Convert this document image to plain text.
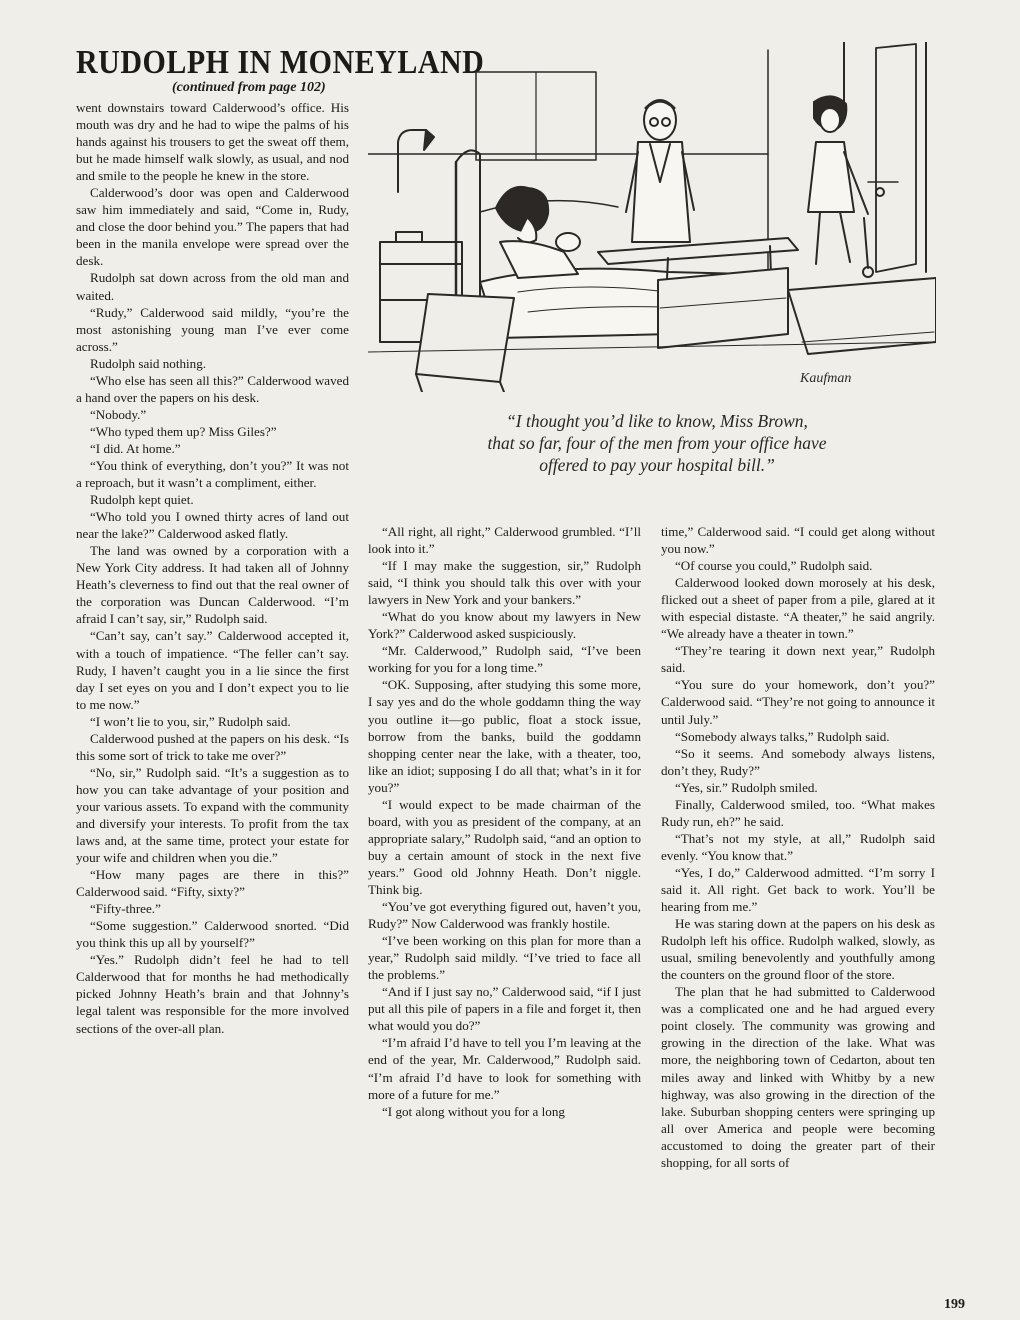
RUDOLPH IN MONEYLAND

(continued from page 102)

Kaufman

“I thought you’d like to know, Miss Brown,
that so far, four of the men from your office have
offered to pay your hospital bill.”

went downstairs toward Calderwood’s office. His mouth was dry and he had to wipe the palms of his hands against his trousers to get the sweat off them, but he made himself walk slowly, as usual, and nod and smile to the people he knew in the store.

Calderwood’s door was open and Calderwood saw him immediately and said, “Come in, Rudy, and close the door behind you.” The papers that had been in the manila envelope were spread over the desk.

Rudolph sat down across from the old man and waited.

“Rudy,” Calderwood said mildly, “you’re the most astonishing young man I’ve ever come across.”

Rudolph said nothing.

“Who else has seen all this?” Calderwood waved a hand over the papers on his desk.

“Nobody.”

“Who typed them up? Miss Giles?”

“I did. At home.”

“You think of everything, don’t you?” It was not a reproach, but it wasn’t a compliment, either.

Rudolph kept quiet.

“Who told you I owned thirty acres of land out near the lake?” Calderwood asked flatly.

The land was owned by a corporation with a New York City address. It had taken all of Johnny Heath’s cleverness to find out that the real owner of the corporation was Duncan Calderwood. “I’m afraid I can’t say, sir,” Rudolph said.

“Can’t say, can’t say.” Calderwood accepted it, with a touch of impatience. “The feller can’t say. Rudy, I haven’t caught you in a lie since the first day I set eyes on you and I don’t expect you to lie to me now.”

“I won’t lie to you, sir,” Rudolph said.

Calderwood pushed at the papers on his desk. “Is this some sort of trick to take me over?”

“No, sir,” Rudolph said. “It’s a suggestion as to how you can take advantage of your position and your various assets. To expand with the community and diversify your interests. To profit from the tax laws and, at the same time, protect your estate for your wife and children when you die.”

“How many pages are there in this?” Calderwood said. “Fifty, sixty?”

“Fifty-three.”

“Some suggestion.” Calderwood snorted. “Did you think this up all by yourself?”

“Yes.” Rudolph didn’t feel he had to tell Calderwood that for months he had methodically picked Johnny Heath’s brain and that Johnny’s legal talent was responsible for the more involved sections of the over-all plan.

“All right, all right,” Calderwood grumbled. “I’ll look into it.”

“If I may make the suggestion, sir,” Rudolph said, “I think you should talk this over with your lawyers in New York and your bankers.”

“What do you know about my lawyers in New York?” Calderwood asked suspiciously.

“Mr. Calderwood,” Rudolph said, “I’ve been working for you for a long time.”

“OK. Supposing, after studying this some more, I say yes and do the whole goddamn thing the way you outline it—go public, float a stock issue, borrow from the banks, build the goddamn shopping center near the lake, with a theater, too, like an idiot; supposing I do all that; what’s in it for you?”

“I would expect to be made chairman of the board, with you as president of the company, at an appropriate salary,” Rudolph said, “and an option to buy a certain amount of stock in the next five years.” Good old Johnny Heath. Don’t niggle. Think big.

“You’ve got everything figured out, haven’t you, Rudy?” Now Calderwood was frankly hostile.

“I’ve been working on this plan for more than a year,” Rudolph said mildly. “I’ve tried to face all the problems.”

“And if I just say no,” Calderwood said, “if I just put all this pile of papers in a file and forget it, then what would you do?”

“I’m afraid I’d have to tell you I’m leaving at the end of the year, Mr. Calderwood,” Rudolph said. “I’m afraid I’d have to look for something with more of a future for me.”

“I got along without you for a long

time,” Calderwood said. “I could get along without you now.”

“Of course you could,” Rudolph said.

Calderwood looked down morosely at his desk, flicked out a sheet of paper from a pile, glared at it with especial distaste. “A theater,” he said angrily. “We already have a theater in town.”

“They’re tearing it down next year,” Rudolph said.

“You sure do your homework, don’t you?” Calderwood said. “They’re not going to announce it until July.”

“Somebody always talks,” Rudolph said.

“So it seems. And somebody always listens, don’t they, Rudy?”

“Yes, sir.” Rudolph smiled.

Finally, Calderwood smiled, too. “What makes Rudy run, eh?” he said.

“That’s not my style, at all,” Rudolph said evenly. “You know that.”

“Yes, I do,” Calderwood admitted. “I’m sorry I said it. All right. Get back to work. You’ll be hearing from me.”

He was staring down at the papers on his desk as Rudolph left his office. Rudolph walked, slowly, as usual, smiling benevolently and youthfully among the counters on the ground floor of the store.

The plan that he had submitted to Calderwood was a complicated one and he had argued every point closely. The community was growing and growing in the direction of the lake. What was more, the neighboring town of Cedarton, about ten miles away and linked with Whitby by a new highway, was also growing in the direction of the lake. Suburban shopping centers were springing up all over America and people were becoming accustomed to doing the greater part of their shopping, for all sorts of

199
